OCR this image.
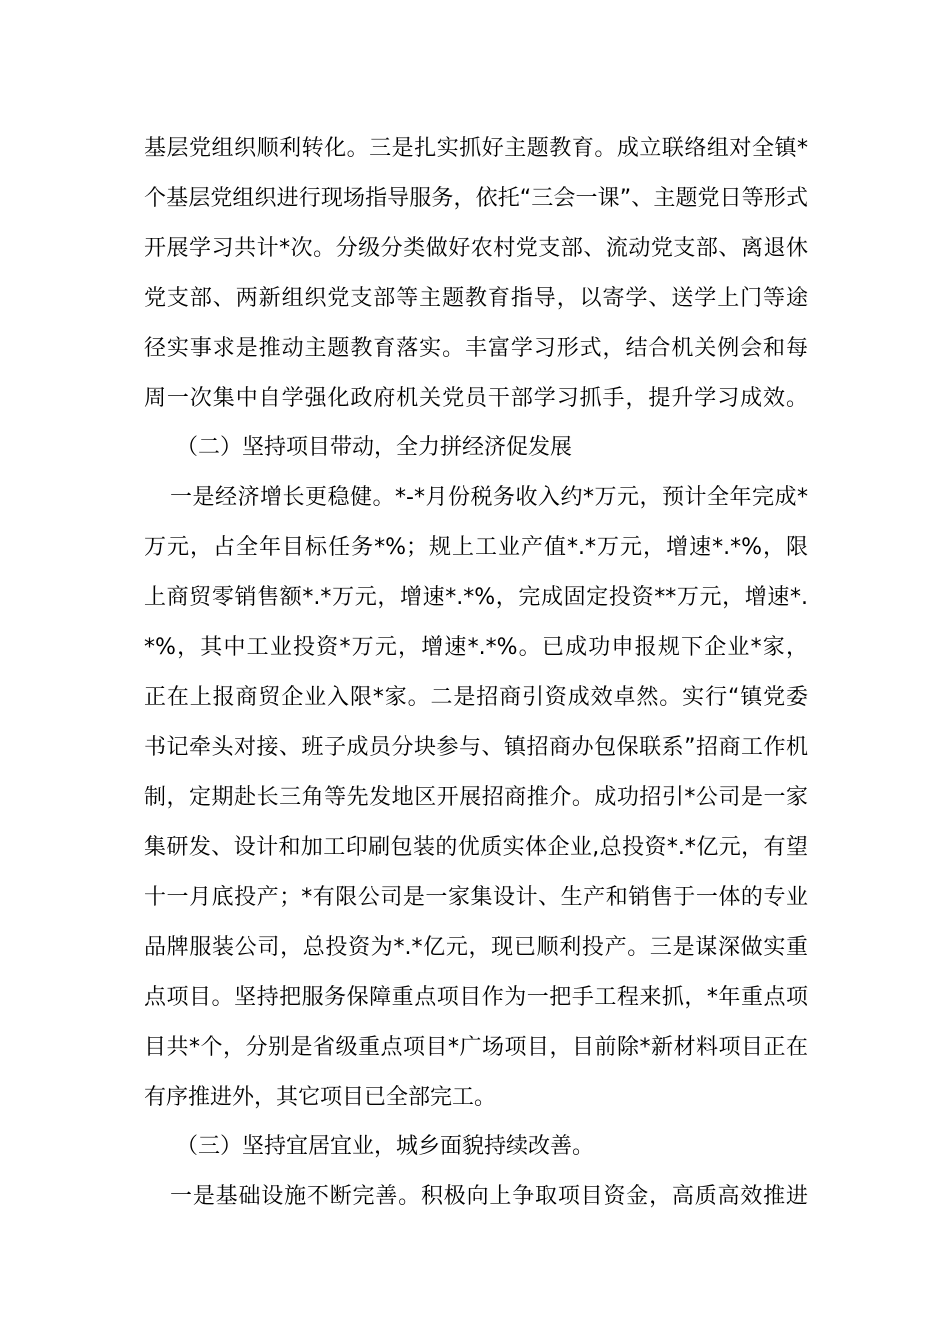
基层党组织顺利转化。三是扎实抓好主题教育。成立联络组对全镇*
个基层党组织进行现场指导服务，依托“三会一课”、主题党日等形式
开展学习共计*次。分级分类做好农村党支部、流动党支部、离退休
党支部、两新组织党支部等主题教育指导，以寄学、送学上门等途
径实事求是推动主题教育落实。丰富学习形式，结合机关例会和每
周一次集中自学强化政府机关党员干部学习抓手，提升学习成效。
（二）坚持项目带动，全力拼经济促发展
一是经济增长更稳健。*-*月份税务收入约*万元，预计全年完成*
万元，占全年目标任务*%；规上工业产值*.*万元，增速*.*%，限
上商贸零销售额*.*万元，增速*.*%，完成固定投资**万元，增速*.
*%，其中工业投资*万元，增速*.*%。已成功申报规下企业*家，
正在上报商贸企业入限*家。二是招商引资成效卓然。实行“镇党委
书记牵头对接、班子成员分块参与、镇招商办包保联系”招商工作机
制，定期赴长三角等先发地区开展招商推介。成功招引*公司是一家
集研发、设计和加工印刷包装的优质实体企业,总投资*.*亿元，有望
十一月底投产；*有限公司是一家集设计、生产和销售于一体的专业
品牌服装公司，总投资为*.*亿元，现已顺利投产。三是谋深做实重
点项目。坚持把服务保障重点项目作为一把手工程来抓，*年重点项
目共*个，分别是省级重点项目*广场项目，目前除*新材料项目正在
有序推进外，其它项目已全部完工。
（三）坚持宜居宜业，城乡面貌持续改善。
一是基础设施不断完善。积极向上争取项目资金，高质高效推进
